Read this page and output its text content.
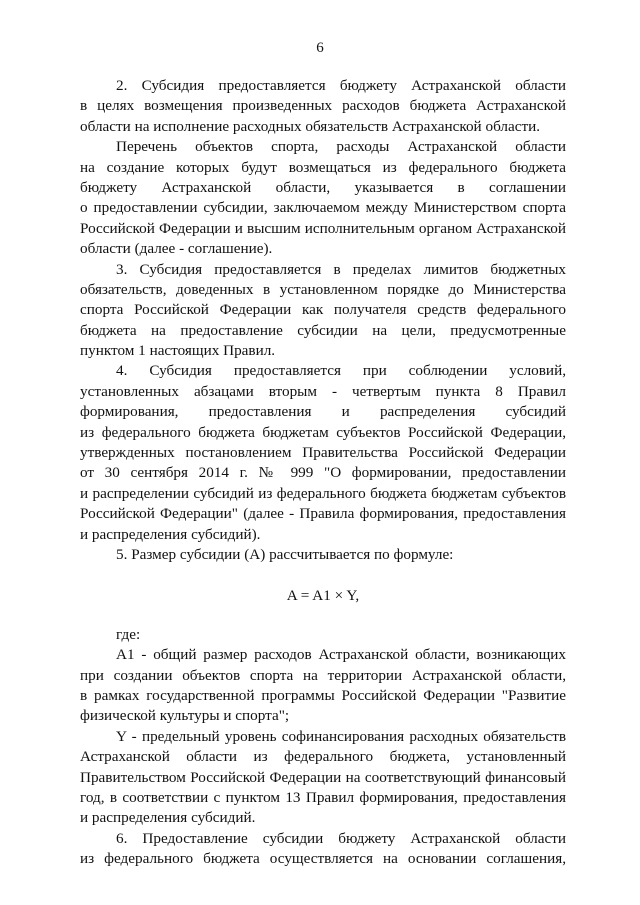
6
2. Субсидия предоставляется бюджету Астраханской области
в целях возмещения произведенных расходов бюджета Астраханской
области на исполнение расходных обязательств Астраханской области.
Перечень объектов спорта, расходы Астраханской области
на создание которых будут возмещаться из федерального бюджета
бюджету Астраханской области, указывается в соглашении
о предоставлении субсидии, заключаемом между Министерством спорта
Российской Федерации и высшим исполнительным органом Астраханской
области (далее - соглашение).
3. Субсидия предоставляется в пределах лимитов бюджетных
обязательств, доведенных в установленном порядке до Министерства
спорта Российской Федерации как получателя средств федерального
бюджета на предоставление субсидии на цели, предусмотренные
пунктом 1 настоящих Правил.
4. Субсидия предоставляется при соблюдении условий,
установленных абзацами вторым - четвертым пункта 8 Правил
формирования, предоставления и распределения субсидий
из федерального бюджета бюджетам субъектов Российской Федерации,
утвержденных постановлением Правительства Российской Федерации
от 30 сентября 2014 г. № 999 "О формировании, предоставлении
и распределении субсидий из федерального бюджета бюджетам субъектов
Российской Федерации" (далее - Правила формирования, предоставления
и распределения субсидий).
5. Размер субсидии (А) рассчитывается по формуле:
A = A1 × Y,
где:
A1 - общий размер расходов Астраханской области, возникающих
при создании объектов спорта на территории Астраханской области,
в рамках государственной программы Российской Федерации "Развитие
физической культуры и спорта";
Y - предельный уровень софинансирования расходных обязательств
Астраханской области из федерального бюджета, установленный
Правительством Российской Федерации на соответствующий финансовый
год, в соответствии с пунктом 13 Правил формирования, предоставления
и распределения субсидий.
6. Предоставление субсидии бюджету Астраханской области
из федерального бюджета осуществляется на основании соглашения,
